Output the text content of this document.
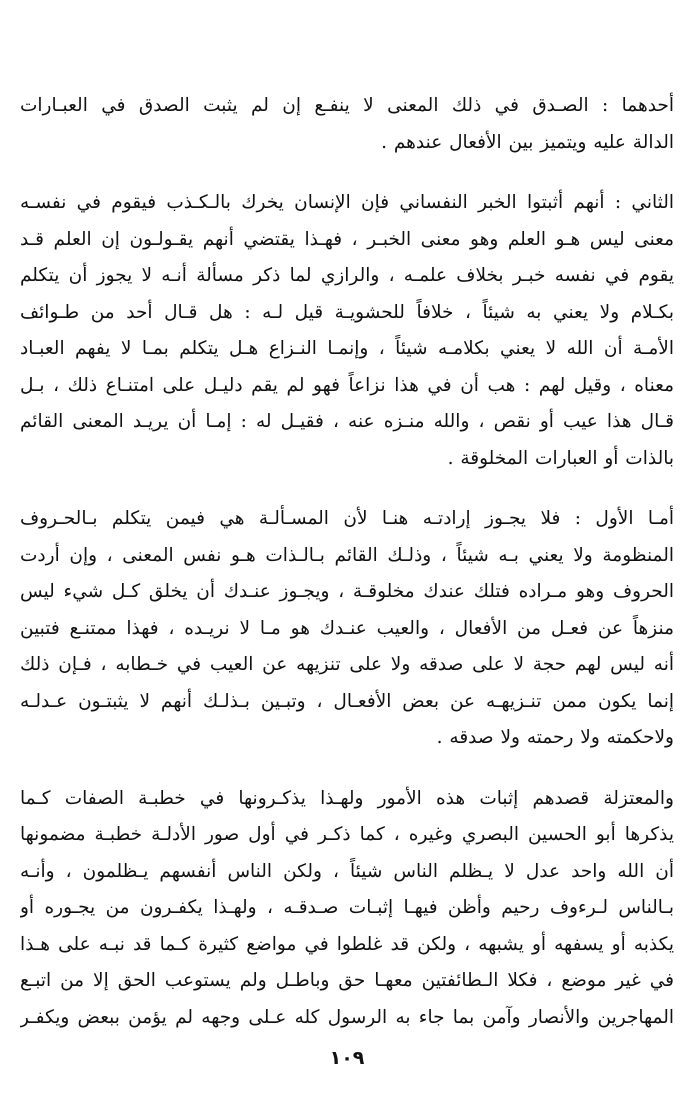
أحدهما : الصـدق في ذلك المعنى لا ينفـع إن لم يثبت الصدق في العبـارات
الدالة عليه ويتميز بين الأفعال عندهم .

الثاني : أنهم أثبتوا الخبر النفساني فإن الإنسان يخرك بالـكـذب فيقوم في نفسـه
معنى ليس هـو العلم وهو معنى الخبـر ، فهـذا يقتضي أنهم يقـولـون إن العلم قـد
يقوم في نفسه خبـر بخلاف علمـه ، والرازي لما ذكر مسألة أنـه لا يجوز أن يتكلم
بكـلام ولا يعني به شيئاً ، خلافاً للحشويـة قيل لـه : هل قـال أحد من طـوائف
الأمـة أن الله لا يعني بكلامـه شيئاً ، وإنمـا النـزاع هـل يتكلم بمـا لا يفهم العبـاد
معناه ، وقيل لهم : هب أن في هذا نزاعاً فهو لم يقم دليـل على امتنـاع ذلك ، بـل
قـال هذا عيب أو نقص ، والله منـزه عنه ، فقيـل له : إمـا أن يريـد المعنى القائم
بالذات أو العبارات المخلوقة .

أمـا الأول : فلا يجـوز إرادتـه هنـا لأن المسـألـة هي فيمن يتكلم بـالحـروف
المنظومة ولا يعني بـه شيئاً ، وذلـك القائم بـالـذات هـو نفس المعنى ، وإن أردت
الحروف وهو مـراده فتلك عندك مخلوقـة ، ويجـوز عنـدك أن يخلق كـل شيء ليس
منزهاً عن فعـل من الأفعال ، والعيب عنـدك هو مـا لا نريـده ، فهذا ممتنـع فتبين
أنه ليس لهم حجة لا على صدقه ولا على تنزيهه عن العيب في خـطابه ، فـإن ذلك
إنما يكون ممن تنـزيهـه عن بعض الأفعـال ، وتبـين بـذلـك أنهم لا يثبتـون عـدلـه
ولاحكمته ولا رحمته ولا صدقه .

والمعتزلة قصدهم إثبات هذه الأمور ولهـذا يذكـرونها في خطبـة الصفات كـما
يذكرها أبو الحسين البصري وغيره ، كما ذكـر في أول صور الأدلـة خطبـة مضمونها
أن الله واحد عدل لا يـظلم الناس شيئاً ، ولكن الناس أنفسهم يـظلمون ، وأنـه
بـالناس لـرءوف رحيم وأظن فيهـا إثبـات صـدقـه ، ولهـذا يكفـرون من يجـوره أو
يكذبه أو يسفهه أو يشبهه ، ولكن قد غلطوا في مواضع كثيرة كـما قد نبـه على هـذا
في غير موضع ، فكلا الـطائفتين معهـا حق وباطـل ولم يستوعب الحق إلا من اتبـع
المهاجرين والأنصار وآمن بما جاء به الرسول كله عـلى وجهه لم يؤمن ببعض ويكفـر

١٠٩
